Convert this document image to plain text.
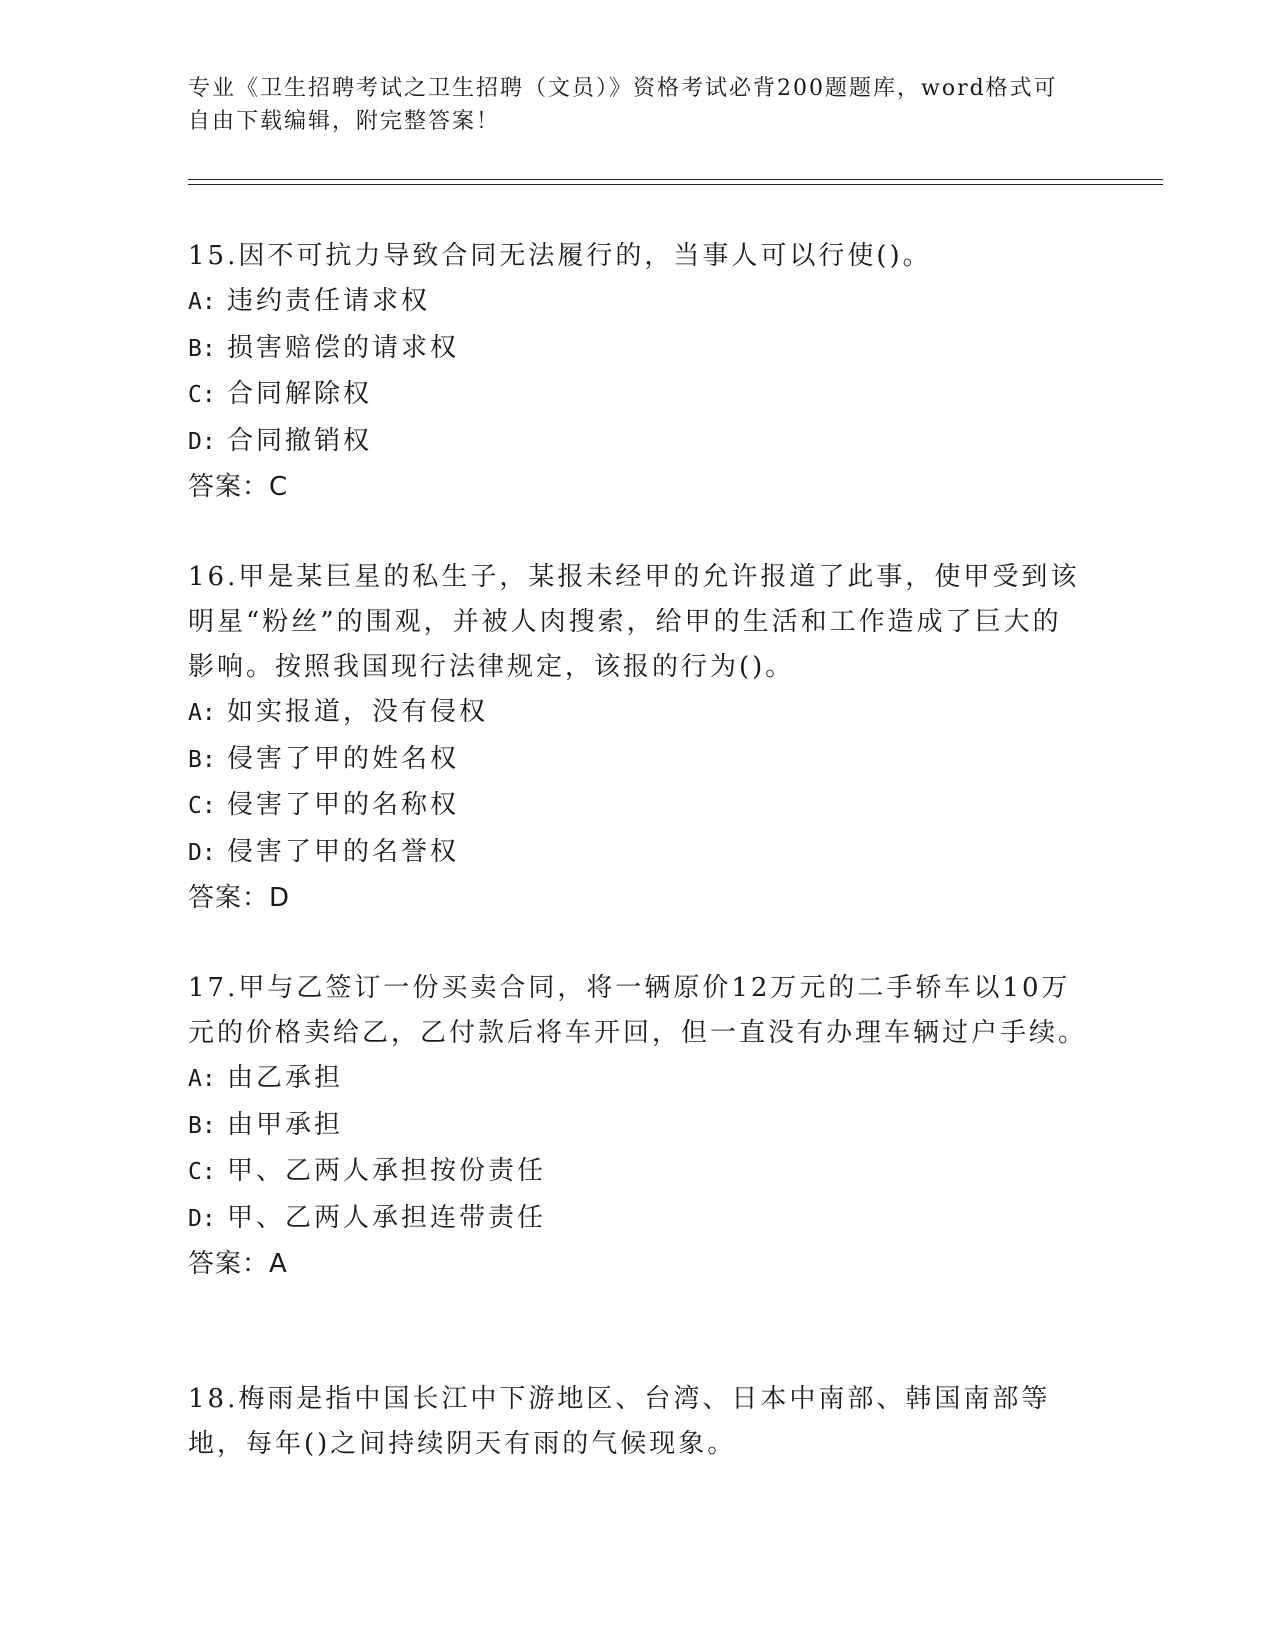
专业《卫生招聘考试之卫生招聘（文员）》资格考试必背200题题库，word格式可自由下载编辑，附完整答案！

15.因不可抗力导致合同无法履行的，当事人可以行使()。

A: 违约责任请求权
B: 损害赔偿的请求权
C: 合同解除权
D: 合同撤销权
答案：C

16.甲是某巨星的私生子，某报未经甲的允许报道了此事，使甲受到该明星“粉丝”的围观，并被人肉搜索，给甲的生活和工作造成了巨大的影响。按照我国现行法律规定，该报的行为()。

A: 如实报道，没有侵权
B: 侵害了甲的姓名权
C: 侵害了甲的名称权
D: 侵害了甲的名誉权
答案：D

17.甲与乙签订一份买卖合同，将一辆原价12万元的二手轿车以10万元的价格卖给乙，乙付款后将车开回，但一直没有办理车辆过户手续。

A: 由乙承担
B: 由甲承担
C: 甲、乙两人承担按份责任
D: 甲、乙两人承担连带责任
答案：A

18.梅雨是指中国长江中下游地区、台湾、日本中南部、韩国南部等地，每年()之间持续阴天有雨的气候现象。
